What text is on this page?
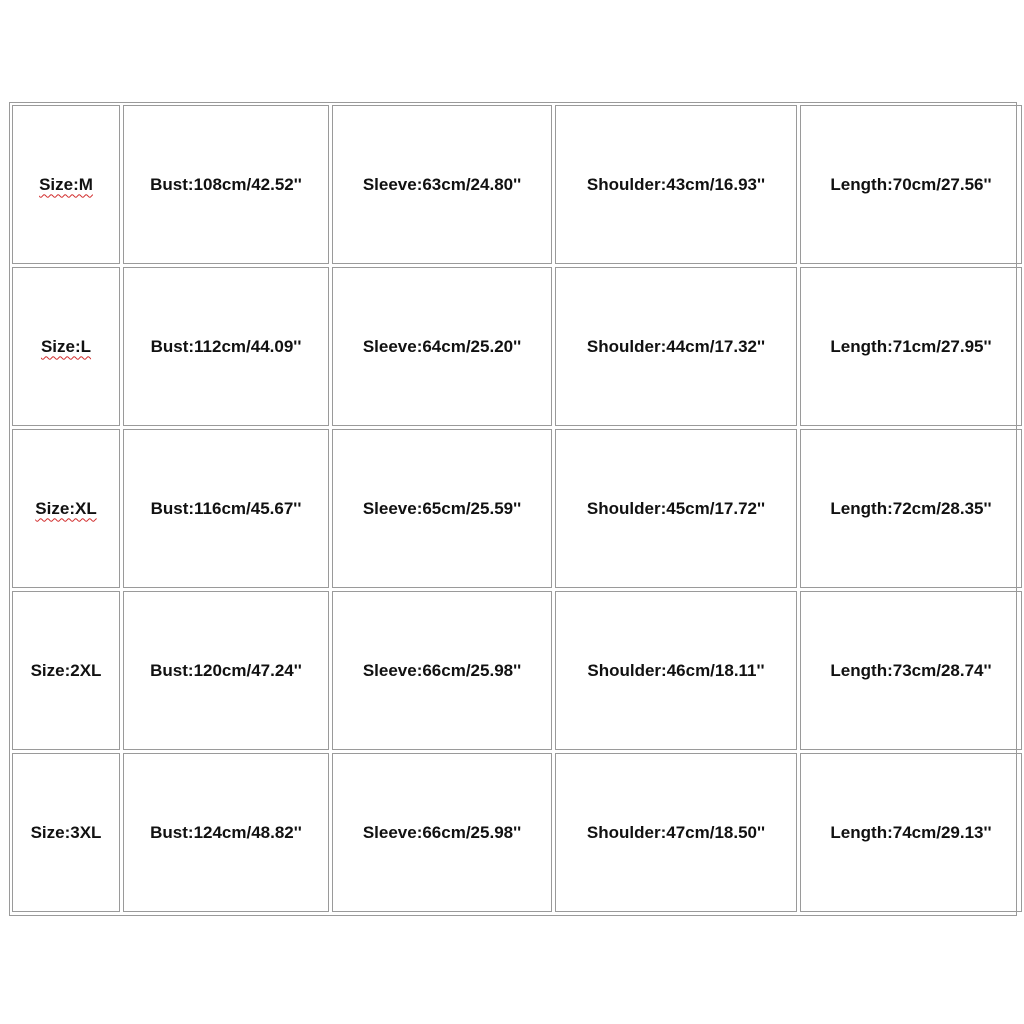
Size:M	Bust:108cm/42.52''	Sleeve:63cm/24.80''	Shoulder:43cm/16.93''	Length:70cm/27.56''
Size:L	Bust:112cm/44.09''	Sleeve:64cm/25.20''	Shoulder:44cm/17.32''	Length:71cm/27.95''
Size:XL	Bust:116cm/45.67''	Sleeve:65cm/25.59''	Shoulder:45cm/17.72''	Length:72cm/28.35''
Size:2XL	Bust:120cm/47.24''	Sleeve:66cm/25.98''	Shoulder:46cm/18.11''	Length:73cm/28.74''
Size:3XL	Bust:124cm/48.82''	Sleeve:66cm/25.98''	Shoulder:47cm/18.50''	Length:74cm/29.13''
